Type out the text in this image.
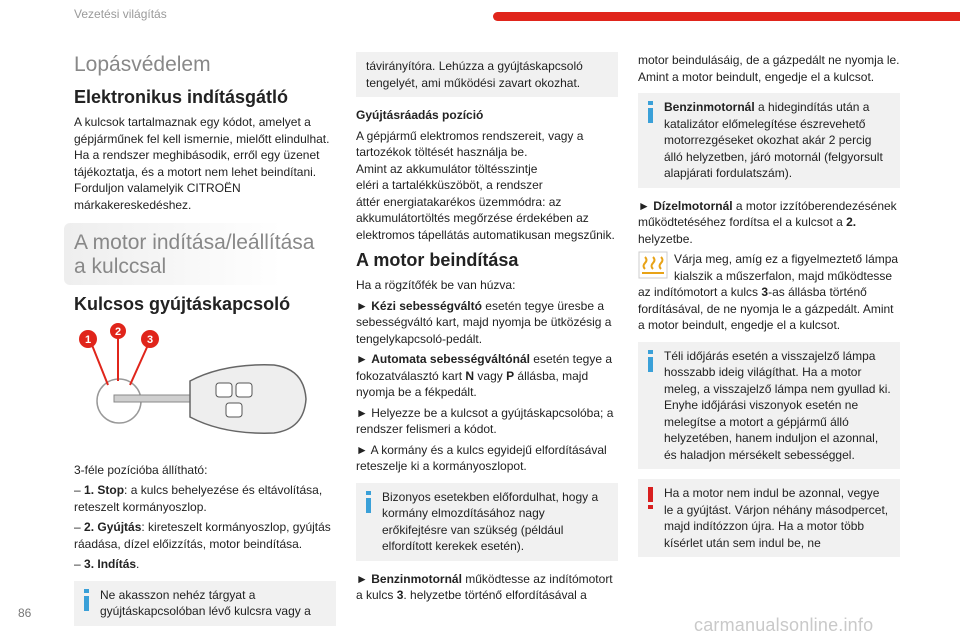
Vezetési világítás
Lopásvédelem
Elektronikus indításgátló

A kulcsok tartalmaznak egy kódot, amelyet a gépjárműnek fel kell ismernie, mielőtt elindulhat. Ha a rendszer meghibásodik, erről egy üzenet tájékoztatja, és a motort nem lehet beindítani. Forduljon valamelyik CITROËN márkakereskedéshez.

A motor indítása/leállítása a kulccsal
Kulcsos gyújtáskapcsoló
1
2
3

3-féle pozícióba állítható:

– 1. Stop: a kulcs behelyezése és eltávolítása, reteszelt kormányoszlop.

– 2. Gyújtás: kireteszelt kormányoszlop, gyújtás ráadása, dízel előizzítás, motor beindítása.

– 3. Indítás.

Ne akasszon nehéz tárgyat a gyújtáskapcsolóban lévő kulcsra vagy a
távirányítóra. Lehúzza a gyújtáskapcsoló tengelyét, ami működési zavart okozhat.
Gyújtásráadás pozíció

A gépjármű elektromos rendszereit, vagy a
tartozékok töltését használja be.
Amint az akkumulátor töltésszintje
eléri a tartalékküszöböt, a rendszer
áttér energiatakarékos üzemmódra: az
akkumulátortöltés megőrzése érdekében az
elektromos tápellátás automatikusan megszűnik.

A motor beindítása

Ha a rögzítőfék be van húzva:

► Kézi sebességváltó esetén tegye üresbe a sebességváltó kart, majd nyomja be ütközésig a tengelykapcsoló-pedált.

► Automata sebességváltónál esetén tegye a fokozatválasztó kart N vagy P állásba, majd nyomja be a fékpedált.

► Helyezze be a kulcsot a gyújtáskapcsolóba; a rendszer felismeri a kódot.

► A kormány és a kulcs egyidejű elfordításával reteszelje ki a kormányoszlopot.

Bizonyos esetekben előfordulhat, hogy a kormány elmozdításához nagy erőkifejtésre van szükség (például elfordított kerekek esetén).

► Benzinmotornál működtesse az indítómotort a kulcs 3. helyzetbe történő elfordításával a

motor beindulásáig, de a gázpedált ne nyomja le. Amint a motor beindult, engedje el a kulcsot.

Benzinmotornál a hidegindítás után a katalizátor előmelegítése észrevehető motorrezgéseket okozhat akár 2 percig álló helyzetben, járó motornál (felgyorsult alapjárati fordulatszám).

► Dízelmotornál a motor izzítóberendezésének működtetéséhez fordítsa el a kulcsot a 2. helyzetbe.

Várja meg, amíg ez a figyelmeztető lámpa kialszik a műszerfalon, majd működtesse az indítómotort a kulcs 3-as állásba történő fordításával, de ne nyomja le a gázpedált. Amint a motor beindult, engedje el a kulcsot.

Téli időjárás esetén a visszajelző lámpa hosszabb ideig világíthat. Ha a motor meleg, a visszajelző lámpa nem gyullad ki. Enyhe időjárási viszonyok esetén ne melegítse a motort a gépjármű álló helyzetében, hanem induljon el azonnal, és haladjon mérsékelt sebességgel.
Ha a motor nem indul be azonnal, vegye le a gyújtást. Várjon néhány másodpercet, majd indítózzon újra. Ha a motor több kísérlet után sem indul be, ne
86
carmanualsonline.info
